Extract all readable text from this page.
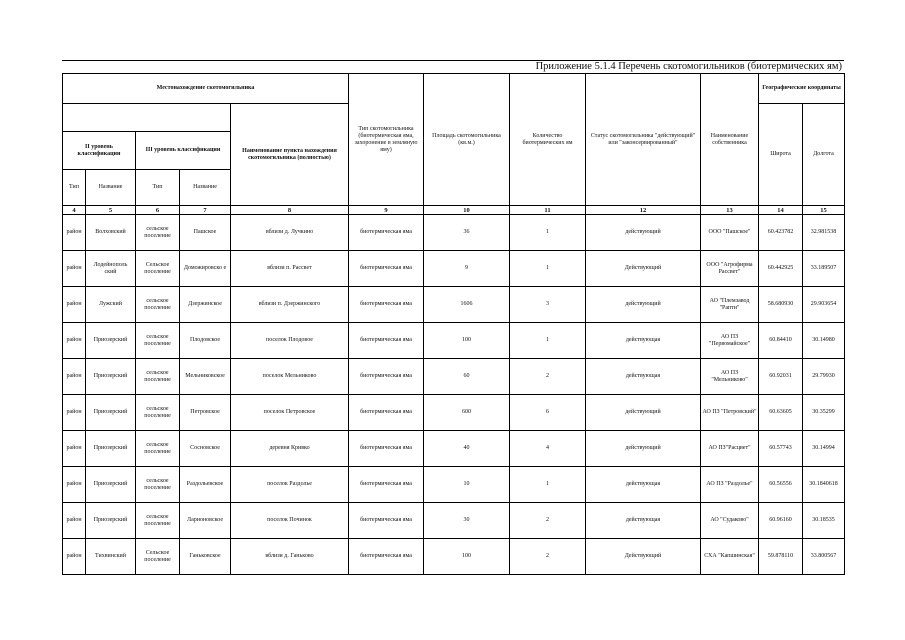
Приложение 5.1.4 Перечень скотомогильников (биотермических ям)
Местонахождение скотомогильника					Тип скотомогильника (биотермическая яма, захоронение в земляную яму)	Площадь скотомогильника (кв.м.)	Количество биотермических ям	Статус скотомогильника "действующий" или "законсервированный"	Наименование собственника	Географические координаты	
				Наименование пункта нахождения скотомогильника (полностью)						Широта	Долгота
II уровень классификации		III уровень классификации									
Тип	Название	Тип	Название								
4	5	6	7	8	9	10	11	12	13	14	15
район	Волховский	сельское поселение	Пашское	вблизи д. Лучкино	биотермическая яма	36	1	действующий	ООО "Пашское"	60.423782	32.981538
район	Лодейнополь ский	Сельское поселение	Доможировско е	вблизи п. Рассвет	биотермическая яма	9	1	Действующий	ООО "Агрофирма Рассвет"	60.442925	33.189507
район	Лужский	сельское поселение	Дзержинское	вблизи п. Дзержинского	биотермическая яма	1606	3	действующий	АО "Племзавод "Рапти"	58.680930	29.903654
район	Приозерский	сельское поселение	Плодовское	поселок Плодовое	биотермическая яма	100	1	действующая	АО ПЗ "Первомайское"	60.84410	30.14980
район	Приозерский	сельское поселение	Мельниковское	поселок Мельниково	биотермическая яма	60	2	действующая	АО ПЗ "Мельниково"	60.92031	29.79930
район	Приозерский	сельское поселение	Петровское	поселок Петровское	биотермическая яма	600	6	действующий	АО ПЗ "Петровский"	60.63605	30.35299
район	Приозерский	сельское поселение	Сосновское	деревня Кривко	биотермическая яма	40	4	действующий	АО ПЗ"Расцвет"	60.57743	30.14994
район	Приозерский	сельское поселение	Раздольевское	поселок Раздолье	биотермическая яма	10	1	действующая	АО ПЗ "Раздолье"	60.56556	30.1840618
район	Приозерский	сельское поселение	Ларионовское	поселок Починок	биотермическая яма	30	2	действующая	АО "Судаково"	60.96160	30.18535
район	Тихвинский	Сельское поселение	Ганьковское	вблизи д. Ганьково	биотермическая яма	100	2	Действующий	СХА "Капшинская"	59.878110	33.800567
